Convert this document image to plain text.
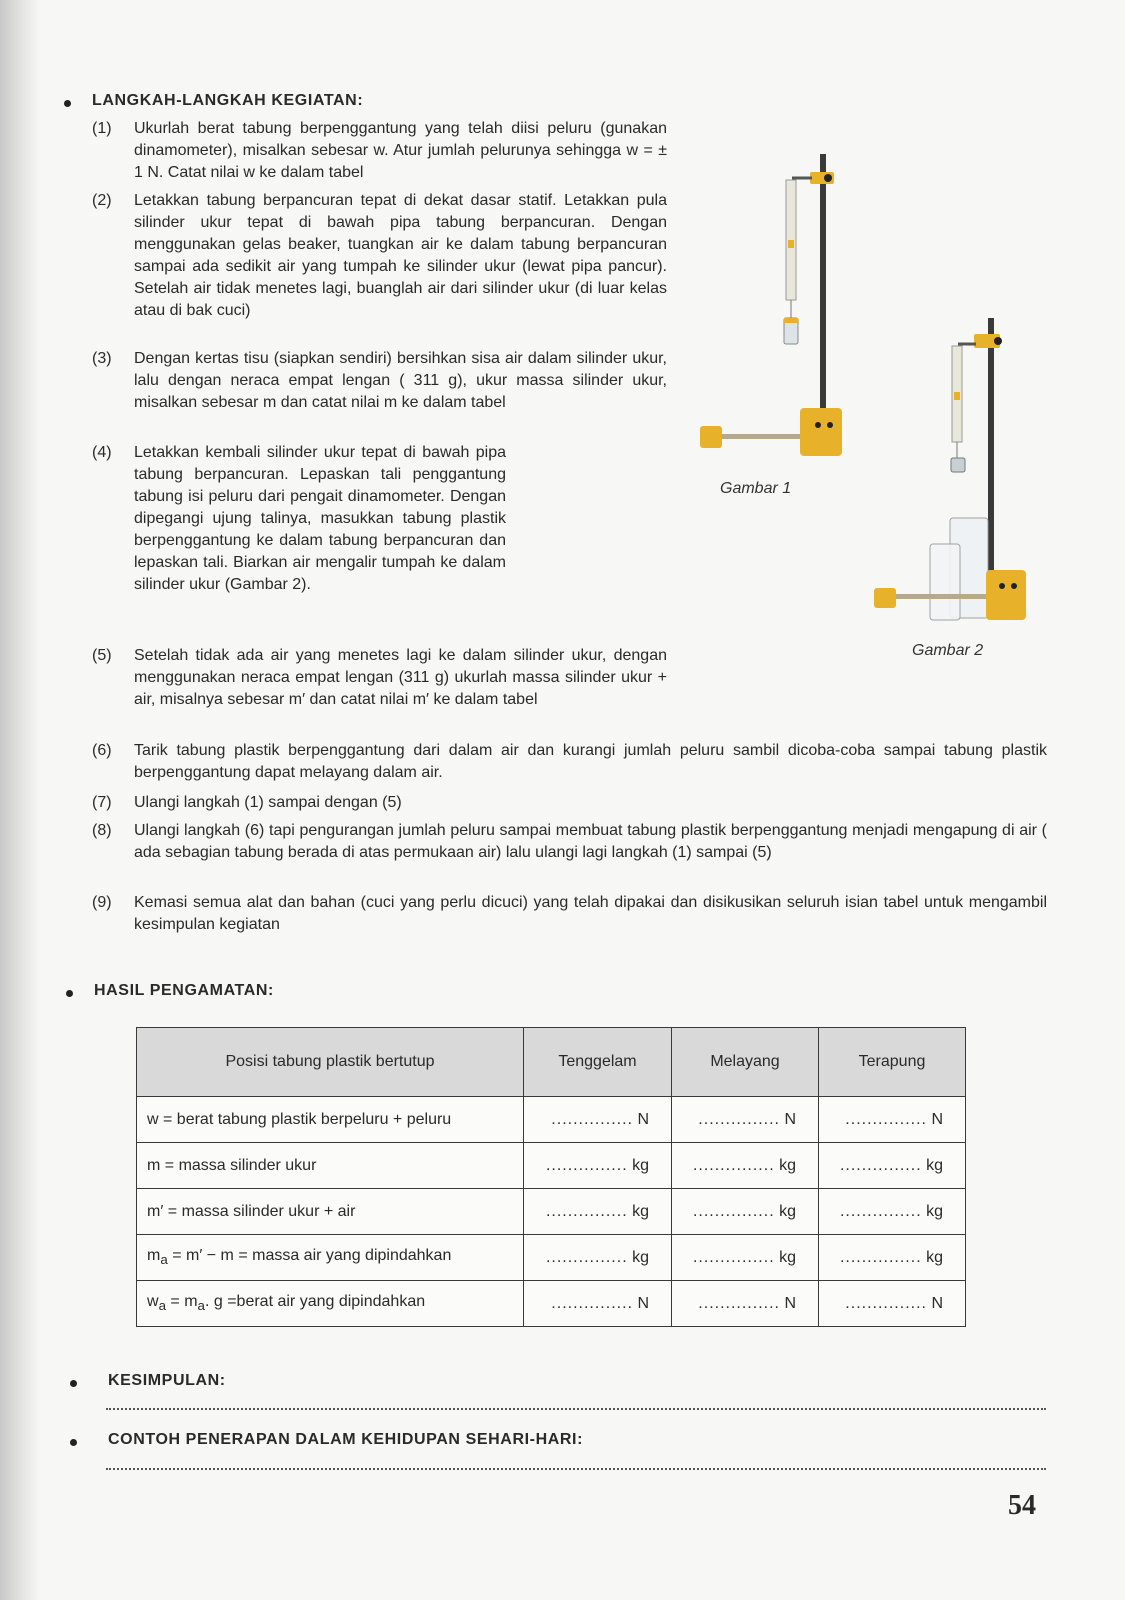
LANGKAH-LANGKAH KEGIATAN:
(1)	Ukurlah berat tabung berpenggantung yang telah diisi peluru (gunakan dinamometer), misalkan sebesar w. Atur jumlah pelurunya sehingga w = ± 1 N. Catat nilai w ke dalam tabel
(2)	Letakkan tabung berpancuran tepat di dekat dasar statif. Letakkan pula silinder ukur tepat di bawah pipa tabung berpancuran. Dengan menggunakan gelas beaker, tuangkan air ke dalam tabung berpancuran sampai ada sedikit air yang tumpah ke silinder ukur (lewat pipa pancur). Setelah air tidak menetes lagi, buanglah air dari silinder ukur (di luar kelas atau di bak cuci)
(3)	Dengan kertas tisu (siapkan sendiri) bersihkan sisa air dalam silinder ukur, lalu dengan neraca empat lengan ( 311 g), ukur massa silinder ukur, misalkan sebesar m dan catat nilai m ke dalam tabel
(4)	Letakkan kembali silinder ukur tepat di bawah pipa tabung berpancuran. Lepaskan tali penggantung tabung isi peluru dari pengait dinamometer. Dengan dipegangi ujung talinya, masukkan tabung plastik berpenggantung ke dalam tabung berpancuran dan lepaskan tali. Biarkan air mengalir tumpah ke dalam silinder ukur (Gambar 2).
(5)	Setelah tidak ada air yang menetes lagi ke dalam silinder ukur, dengan menggunakan neraca empat lengan (311 g) ukurlah massa silinder ukur + air, misalnya sebesar m′ dan catat nilai m′ ke dalam tabel
(6)	Tarik tabung plastik berpenggantung dari dalam air dan kurangi jumlah peluru sambil dicoba-coba sampai tabung plastik berpenggantung dapat melayang dalam air.
(7)	Ulangi langkah (1) sampai dengan (5)
(8)	Ulangi langkah (6) tapi pengurangan jumlah peluru sampai membuat tabung plastik berpenggantung menjadi mengapung di air ( ada sebagian tabung berada di atas permukaan air) lalu ulangi lagi langkah (1) sampai (5)
(9)	Kemasi semua alat dan bahan (cuci yang perlu dicuci) yang telah dipakai dan disikusikan seluruh isian tabel untuk mengambil kesimpulan kegiatan
Gambar 1
Gambar 2
HASIL PENGAMATAN:
Posisi tabung plastik bertutup	Tenggelam	Melayang	Terapung
w = berat tabung plastik berpeluru + peluru	............... N	............... N	............... N
m = massa silinder ukur	............... kg	............... kg	............... kg
m′ = massa silinder ukur + air	............... kg	............... kg	............... kg
$m_a = m' - m$ = massa air yang dipindahkan	............... kg	............... kg	............... kg
$w_a = m_a$. g =berat air yang dipindahkan	............... N	............... N	............... N
KESIMPULAN:
CONTOH PENERAPAN DALAM KEHIDUPAN SEHARI-HARI:
54
